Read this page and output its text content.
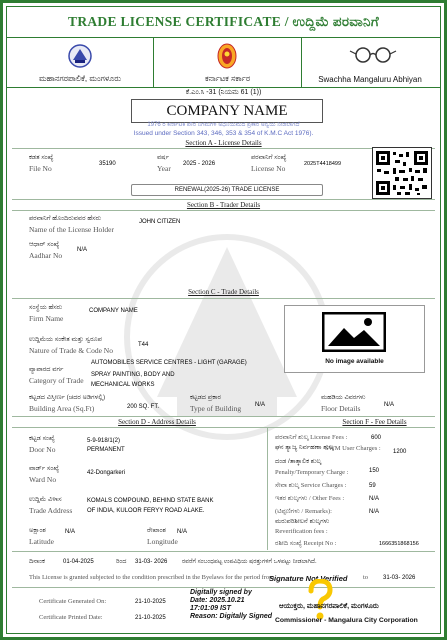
TRADE LICENSE CERTIFICATE / ಉದ್ದಿಮೆ ಪರವಾನಿಗೆ
ಮಹಾನಗರಪಾಲಿಕೆ, ಮಂಗಳೂರು	ಕರ್ನಾಟಕ ಸರ್ಕಾರ	Swachha Mangaluru Abhiyan
ಕೆ.ಎಂ.ಸಿ -31 (ನಿಯಮ 61 (1))
COMPANY NAME
1976 ರ ಕರ್ನಾಟಕ ಪೌರ ನಿಗಮಗಳ ಅಧಿನಿಯಮದ ಪ್ರಕಾರ ಅನ್ವಯ ನೀಡಲಾಗಿದೆ
Issued under Section 343, 346, 353 & 354 of K.M.C Act 1976).
Section A - License Details
ಕಡತ ಸಂಖ್ಯೆ
File No	35190
ವರ್ಷ
Year 2025 - 2026
ಪರವಾನಿಗೆ ಸಂಖ್ಯೆ
License No	2025T4418499
RENEWAL(2025-26) TRADE LICENSE
Section B - Trader Details
ಪರವಾನಿಗೆ ಹೊಂದಿರುವವರ ಹೆಸರು
Name of the License Holder
JOHN CITIZEN
ಆಧಾರ್ ಸಂಖ್ಯೆ
Aadhar No
N/A
Section C - Trade Details
ಸಂಸ್ಥೆಯ ಹೆಸರು
Firm Name
COMPANY NAME
ಉದ್ದಿಮೆಯ ಸಂಕೇತ ಮತ್ತು ಸ್ವರೂಪ
Nature of Trade & Code No
T44
ವ್ಯಾಪಾರದ ವರ್ಗ
Category of Trade
AUTOMOBILES SERVICE CENTRES - LIGHT (GARAGE)
SPRAY PAINTING, BODY AND
MECHANICAL WORKS
ಕಟ್ಟಡದ ವಿಸ್ತೀರ್ಣ (ಚದರ ಅಡಿಗಳಲ್ಲಿ)
Building Area (Sq.Ft)	200 SQ. FT.
ಕಟ್ಟಡದ ಪ್ರಕಾರ
Type of Building N/A
ಮಹಡಿಯ ವಿವರಗಳು
Floor Details	N/A
No image available
Section D - Address Details	Section F - Fee Details
ಕಟ್ಟಡ ಸಂಖ್ಯೆ
Door No
5-9-918/1(2)
PERMANENT
ವಾರ್ಡ್ ಸಂಖ್ಯೆ
Ward No
42-Dongarkeri
ಉದ್ದಿಮೆ ವಿಳಾಸ
Trade Address
KOMALS COMPOUND, BEHIND STATE BANK
OF INDIA, KULOOR FERYY ROAD ALAKE.
ಅಕ್ಷಾಂಶ
Latitude
N/A	ರೇಖಾಂಶ
Longitude
N/A
ಪರವಾನಿಗೆ ಶುಲ್ಕ License Fees :	600
ಘನ ತ್ಯಾಜ್ಯ ನಿರ್ವಹಣಾ ಶುಲ್ಕ
SWM User Charges : 1200
ದಂಡ /ತಾತ್ಕಾಲಿಕ ಶುಲ್ಕ
Penalty/Temporary Charge :	150
ಸೇವಾ ಶುಲ್ಕ Service Charges :	59
ಇತರ ಶುಲ್ಕಗಳು / Other Fees :	N/A
(ಟಿಪ್ಪಣಿಗಳು / Remarks):	N/A
ಮರುಪರಿಶೀಲನೆ ಶುಲ್ಕಗಳು
Reverification fees :
ರಶೀದಿ ಸಂಖ್ಯೆ Receipt No :	1666351868156
ದಿನಾಂಕ	01-04-2025	ರಿಂದ 31-03- 2026 ರವರೆಗೆ ಸಂಬಂಧಪಟ್ಟ ಉಪವಿಧಿಯ ಷರತ್ತುಗಳಿಗೆ ಒಳಪಟ್ಟು ನೀಡಲಾಗಿದೆ.
This License is granted subjected to the condition prescribed in the Byelaws for the period from	to 31-03- 2026
Signature Not Verified
Certificate Generated On:	21-10-2025
Certificate Printed Date:	21-10-2025
Digitally signed by
Date: 2025.10.21
17:01:09 IST
Reason: Digitally Signed
ಆಯುಕ್ತರು, ಮಹಾನಗರಪಾಲಿಕೆ, ಮಂಗಳೂರು
Commissioner - Mangalura City Corporation
